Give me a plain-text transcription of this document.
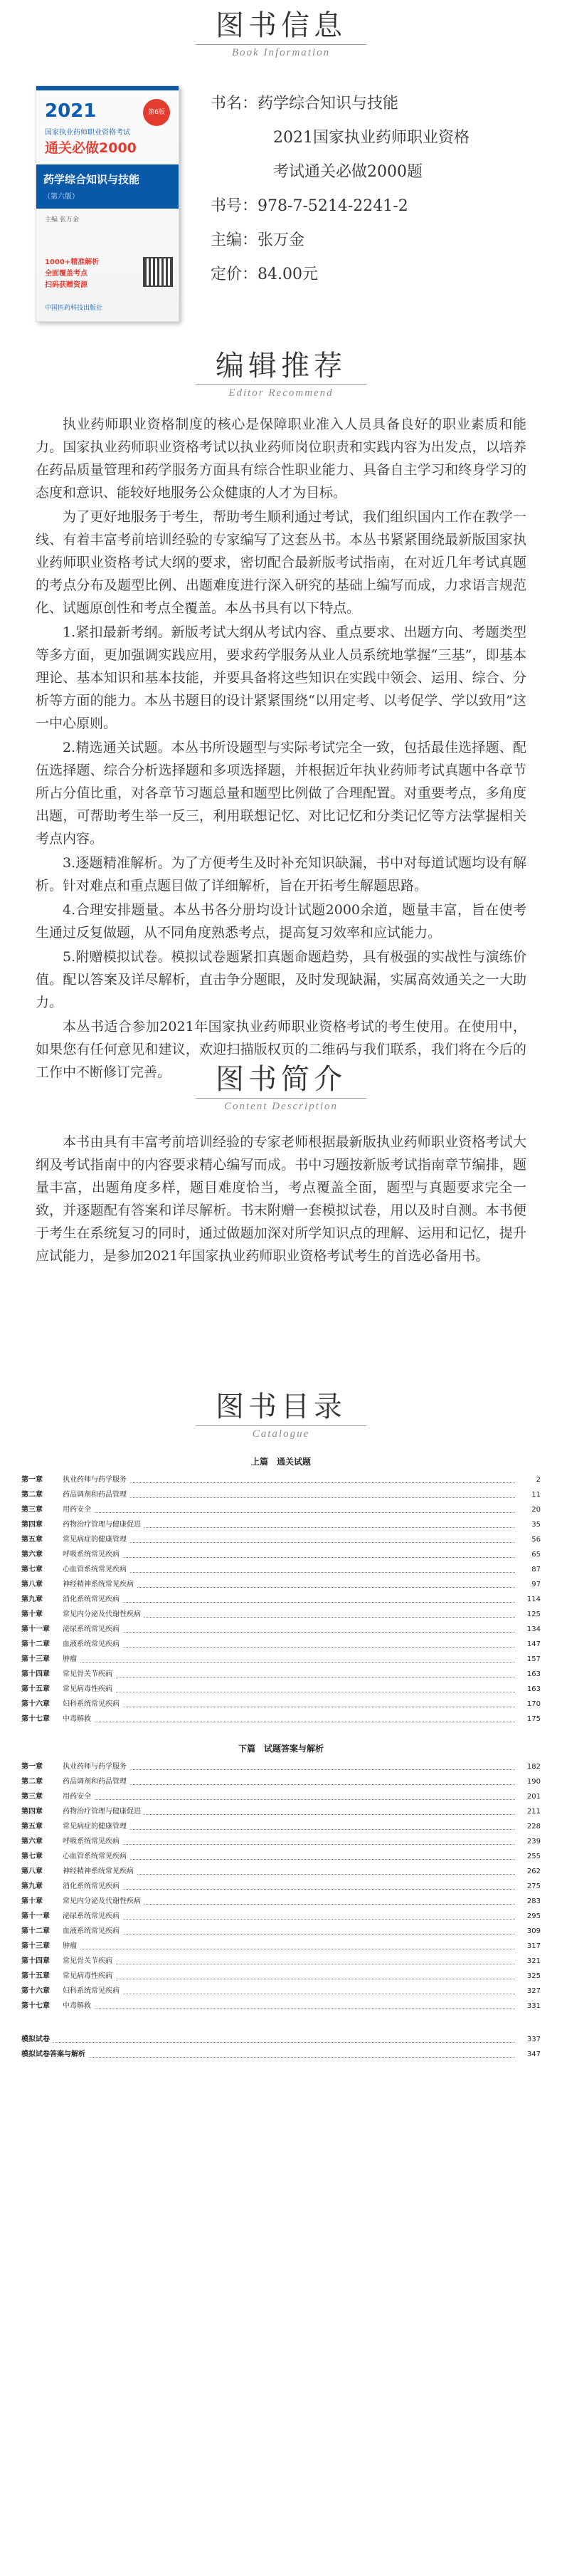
图书信息
Book Information
2021	第6版
国家执业药师职业资格考试
通关必做2000
药学综合知识与技能
（第六版）
主编 张万金
1000+精准解析
全面覆盖考点
扫码获赠资源
中国医药科技出版社
书名：药学综合知识与技能
2021国家执业药师职业资格
考试通关必做2000题
书号：978-7-5214-2241-2
主编：张万金
定价：84.00元
编辑推荐
Editor Recommend

执业药师职业资格制度的核心是保障职业准入人员具备良好的职业素质和能力。国家执业药师职业资格考试以执业药师岗位职责和实践内容为出发点，以培养在药品质量管理和药学服务方面具有综合性职业能力、具备自主学习和终身学习的态度和意识、能较好地服务公众健康的人才为目标。

为了更好地服务于考生，帮助考生顺利通过考试，我们组织国内工作在教学一线、有着丰富考前培训经验的专家编写了这套丛书。本丛书紧紧围绕最新版国家执业药师职业资格考试大纲的要求，密切配合最新版考试指南，在对近几年考试真题的考点分布及题型比例、出题难度进行深入研究的基础上编写而成，力求语言规范化、试题原创性和考点全覆盖。本丛书具有以下特点。

1.紧扣最新考纲。新版考试大纲从考试内容、重点要求、出题方向、考题类型等多方面，更加强调实践应用，要求药学服务从业人员系统地掌握“三基”，即基本理论、基本知识和基本技能，并要具备将这些知识在实践中领会、运用、综合、分析等方面的能力。本丛书题目的设计紧紧围绕“以用定考、以考促学、学以致用”这一中心原则。

2.精选通关试题。本丛书所设题型与实际考试完全一致，包括最佳选择题、配伍选择题、综合分析选择题和多项选择题，并根据近年执业药师考试真题中各章节所占分值比重，对各章节习题总量和题型比例做了合理配置。对重要考点，多角度出题，可帮助考生举一反三，利用联想记忆、对比记忆和分类记忆等方法掌握相关考点内容。

3.逐题精准解析。为了方便考生及时补充知识缺漏，书中对每道试题均设有解析。针对难点和重点题目做了详细解析，旨在开拓考生解题思路。

4.合理安排题量。本丛书各分册均设计试题2000余道，题量丰富，旨在使考生通过反复做题，从不同角度熟悉考点，提高复习效率和应试能力。

5.附赠模拟试卷。模拟试卷题紧扣真题命题趋势，具有极强的实战性与演练价值。配以答案及详尽解析，直击争分题眼，及时发现缺漏，实属高效通关之一大助力。

本丛书适合参加2021年国家执业药师职业资格考试的考生使用。在使用中，如果您有任何意见和建议，欢迎扫描版权页的二维码与我们联系，我们将在今后的工作中不断修订完善。	图书简介
Content Description

本书由具有丰富考前培训经验的专家老师根据最新版执业药师职业资格考试大纲及考试指南中的内容要求精心编写而成。书中习题按新版考试指南章节编排，题量丰富，出题角度多样，题目难度恰当，考点覆盖全面，题型与真题要求完全一致，并逐题配有答案和详尽解析。书末附赠一套模拟试卷，用以及时自测。本书便于考生在系统复习的同时，通过做题加深对所学知识点的理解、运用和记忆，提升应试能力，是参加2021年国家执业药师职业资格考试考生的首选必备用书。

图书目录
Catalogue
上篇　通关试题
第一章	执业药师与药学服务	2
第二章	药品调剂和药品管理	11
第三章	用药安全	20
第四章	药物治疗管理与健康促进	35
第五章	常见病症的健康管理	56
第六章	呼吸系统常见疾病	65
第七章	心血管系统常见疾病	87
第八章	神经精神系统常见疾病	97
第九章	消化系统常见疾病	114
第十章	常见内分泌及代谢性疾病	125
第十一章 泌尿系统常见疾病	134
第十二章 血液系统常见疾病	147
第十三章 肿瘤	157
第十四章 常见骨关节疾病	163
第十五章 常见病毒性疾病	163
第十六章 妇科系统常见疾病	170
第十七章 中毒解救	175
下篇　试题答案与解析
第一章	执业药师与药学服务	182
第二章	药品调剂和药品管理	190
第三章	用药安全	201
第四章	药物治疗管理与健康促进	211
第五章	常见病症的健康管理	228
第六章	呼吸系统常见疾病	239
第七章	心血管系统常见疾病	255
第八章	神经精神系统常见疾病	262
第九章	消化系统常见疾病	275
第十章	常见内分泌及代谢性疾病	283
第十一章 泌尿系统常见疾病	295
第十二章 血液系统常见疾病	309
第十三章 肿瘤	317
第十四章 常见骨关节疾病	321
第十五章 常见病毒性疾病	325
第十六章 妇科系统常见疾病	327
第十七章 中毒解救	331
模拟试卷	337
模拟试卷答案与解析	347
